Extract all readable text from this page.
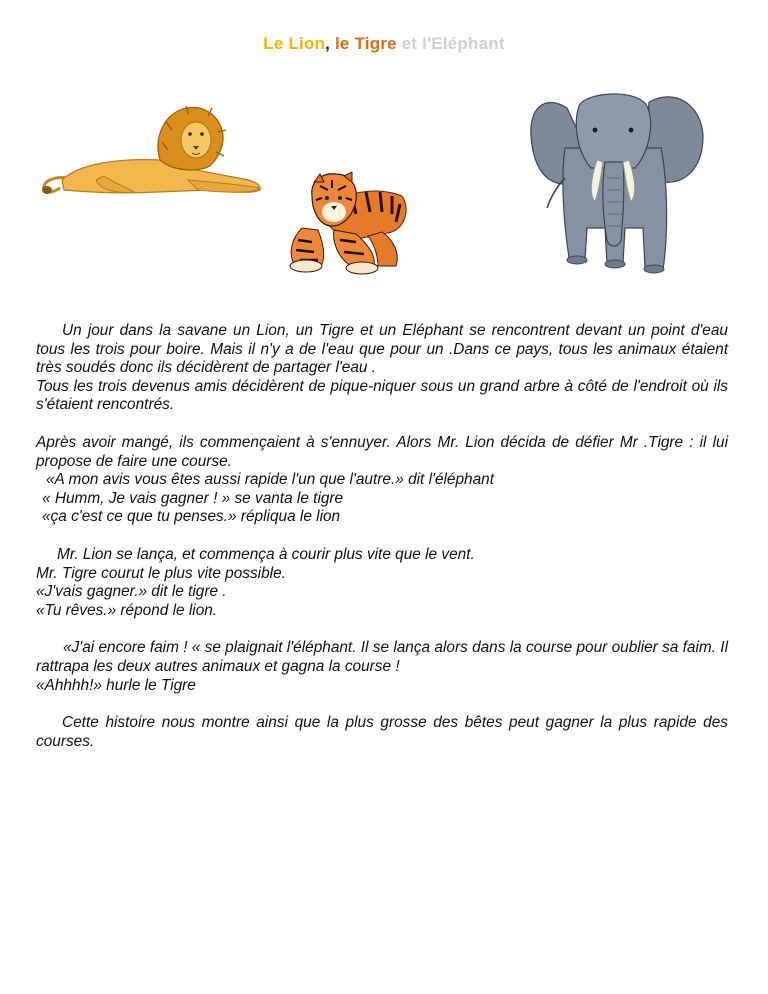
Le Lion, le Tigre et l'Eléphant

Un jour dans la savane un Lion, un Tigre et un Eléphant se rencontrent devant un point d'eau tous les trois pour boire. Mais il n'y a de l'eau que pour un .Dans ce pays, tous les animaux étaient très soudés donc ils décidèrent de partager l'eau .

Tous les trois devenus amis décidèrent de pique-niquer sous un grand arbre à côté de l'endroit où ils s'étaient rencontrés.

Après avoir mangé, ils commençaient à s'ennuyer. Alors Mr. Lion décida de défier Mr .Tigre : il lui propose de faire une course.

«A mon avis vous êtes aussi rapide l'un que l'autre.» dit l'éléphant

« Humm, Je vais gagner ! » se vanta le tigre

«ça c'est ce que tu penses.» répliqua le lion

Mr. Lion se lança, et commença à courir plus vite que le vent.

Mr. Tigre courut le plus vite possible.

«J'vais gagner.» dit le tigre .

«Tu rêves.» répond le lion.

«J'ai encore faim ! « se plaignait l'éléphant. Il se lança alors dans la course pour oublier sa faim. Il rattrapa les deux autres animaux et gagna la course !

«Ahhhh!» hurle le Tigre

Cette histoire nous montre ainsi que la plus grosse des bêtes peut gagner la plus rapide des courses.
